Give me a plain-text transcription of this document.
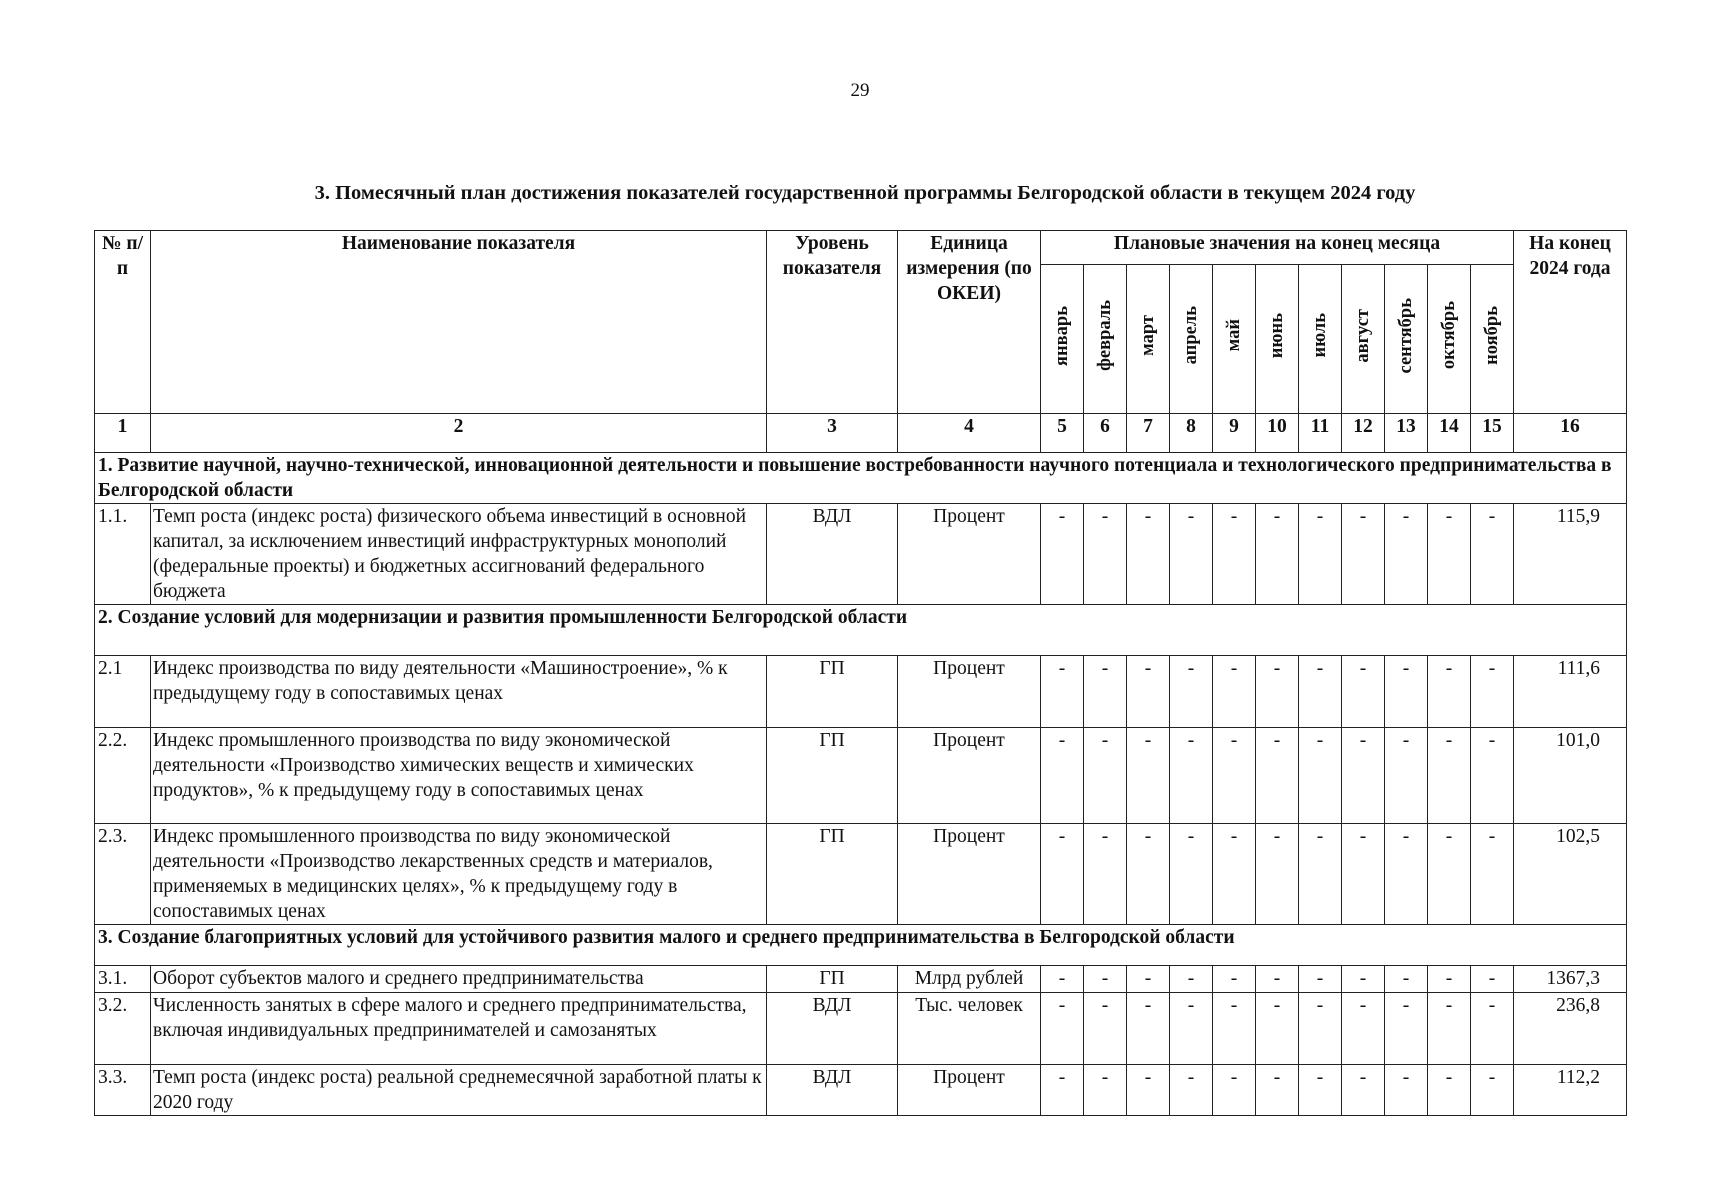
29
3. Помесячный план достижения показателей государственной программы Белгородской области в текущем 2024 году
№ п/п	Наименование показателя	Уровень показателя	Единица измерения (по ОКЕИ)	Плановые значения на конец месяца											На конец 2024 года
				январь	февраль	март	апрель	май	июнь	июль	август	сентябрь	октябрь	ноябрь	
1	2	3	4	5	6	7	8	9	10	11	12	13	14	15	16
1. Развитие научной, научно-технической, инновационной деятельности и повышение востребованности научного потенциала и технологического предпринимательства в Белгородской области															
1.1.	Темп роста (индекс роста) физического объема инвестиций в основной капитал, за исключением инвестиций инфраструктурных монополий (федеральные проекты) и бюджетных ассигнований федерального бюджета	ВДЛ	Процент	-	-	-	-	-	-	-	-	-	-	-	115,9
2. Создание условий для модернизации и развития промышленности Белгородской области															
2.1	Индекс производства по виду деятельности «Машиностроение», % к предыдущему году в сопоставимых ценах	ГП	Процент	-	-	-	-	-	-	-	-	-	-	-	111,6
2.2.	Индекс промышленного производства по виду экономической деятельности «Производство химических веществ и химических продуктов», % к предыдущему году в сопоставимых ценах	ГП	Процент	-	-	-	-	-	-	-	-	-	-	-	101,0
2.3.	Индекс промышленного производства по виду экономической деятельности «Производство лекарственных средств и материалов, применяемых в медицинских целях», % к предыдущему году в сопоставимых ценах	ГП	Процент	-	-	-	-	-	-	-	-	-	-	-	102,5
3. Создание благоприятных условий для устойчивого развития малого и среднего предпринимательства в Белгородской области															
3.1.	Оборот субъектов малого и среднего предпринимательства	ГП	Млрд рублей	-	-	-	-	-	-	-	-	-	-	-	1367,3
3.2.	Численность занятых в сфере малого и среднего предпринимательства, включая индивидуальных предпринимателей и самозанятых	ВДЛ	Тыс. человек	-	-	-	-	-	-	-	-	-	-	-	236,8
3.3.	Темп роста (индекс роста) реальной среднемесячной заработной платы к 2020 году	ВДЛ	Процент	-	-	-	-	-	-	-	-	-	-	-	112,2
